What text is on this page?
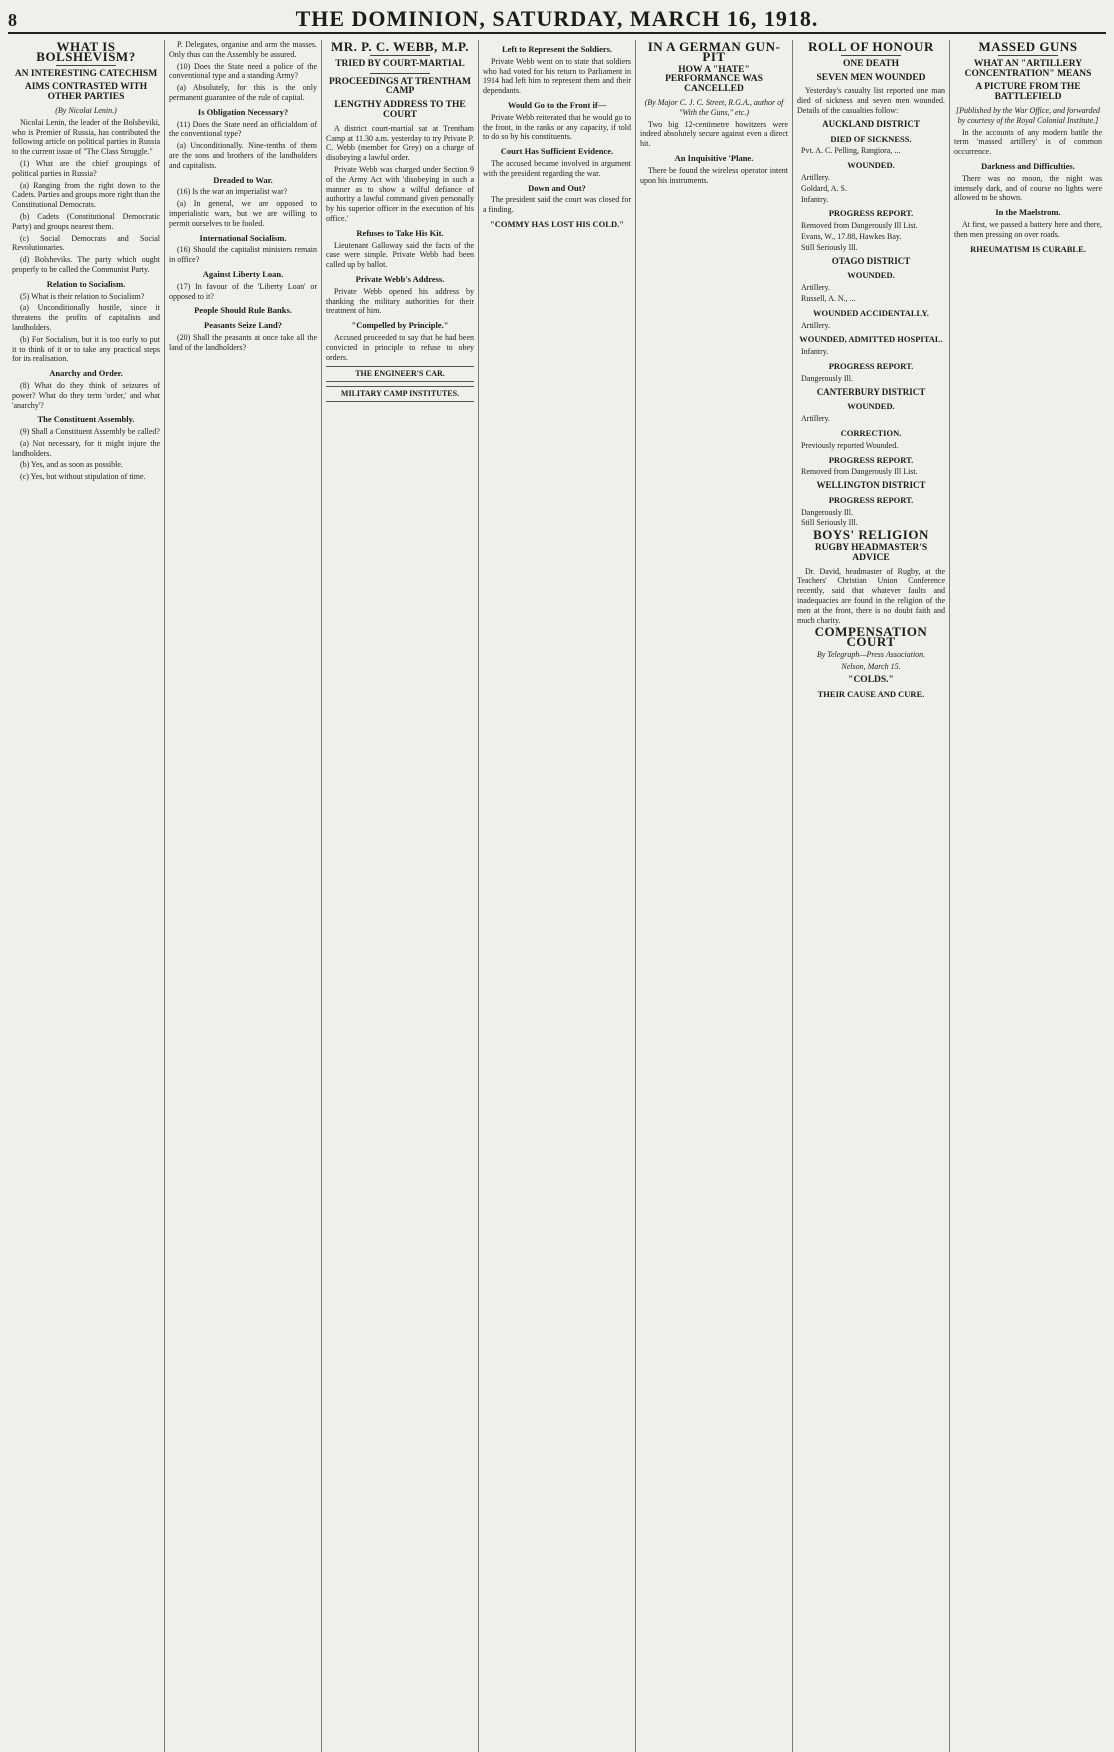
8	THE DOMINION, SATURDAY, MARCH 16, 1918.
WHAT IS BOLSHEVISM?
AN INTERESTING CATECHISM
AIMS CONTRASTED WITH OTHER PARTIES
(By Nicolai Lenin.)

Nicolai Lenin, the leader of the Bolsheviki, who is Premier of Russia, has contributed the following article on political parties in Russia to the current issue of "The Class Struggle."

(1) What are the chief groupings of political parties in Russia?

(a) Ranging from the right down to the Cadets. Parties and groups more right than the Constitutional Democrats.

(b) Cadets (Constitutional Democratic Party) and groups nearest them.

(c) Social Democrats and Social Revolutionaries.

(d) Bolsheviks. The party which ought properly to be called the Communist Party.

Relation to Socialism.

(5) What is their relation to Socialism?

(a) Unconditionally hostile, since it threatens the profits of capitalists and landholders.

(b) For Socialism, but it is too early to put it to think of it or to take any practical steps for its realisation.

Anarchy and Order.

(8) What do they think of seizures of power? What do they term 'order,' and what 'anarchy'?

The Constituent Assembly.

(9) Shall a Constituent Assembly be called?

(a) Not necessary, for it might injure the landholders.

(b) Yes, and as soon as possible.

(c) Yes, but without stipulation of time.

P. Delegates, organise and arm the masses. Only thus can the Assembly be assured.

(10) Does the State need a police of the conventional type and a standing Army?

(a) Absolutely, for this is the only permanent guarantee of the rule of capital.

Is Obligation Necessary?

(11) Does the State need an officialdom of the conventional type?

(a) Unconditionally. Nine-tenths of them are the sons and brothers of the landholders and capitalists.

Dreaded to War.

(16) Is the war an imperialist war?

(a) In general, we are opposed to imperialistic wars, but we are willing to permit ourselves to be fooled.

International Socialism.

(16) Should the capitalist ministers remain in office?

Against Liberty Loan.

(17) In favour of the 'Liberty Loan' or opposed to it?

People Should Rule Banks.
Peasants Seize Land?

(20) Shall the peasants at once take all the land of the landholders?

MR. P. C. WEBB, M.P.
TRIED BY COURT-MARTIAL
PROCEEDINGS AT TRENTHAM CAMP
LENGTHY ADDRESS TO THE COURT

A district court-martial sat at Trentham Camp at 11.30 a.m. yesterday to try Private P. C. Webb (member for Grey) on a charge of disobeying a lawful order.

Private Webb was charged under Section 9 of the Army Act with 'disobeying in such a manner as to show a wilful defiance of authority a lawful command given personally by his superior officer in the execution of his office.'

Refuses to Take His Kit.

Lieutenant Galloway said the facts of the case were simple. Private Webb had been called up by ballot.

Private Webb's Address.

Private Webb opened his address by thanking the military authorities for their treatment of him.

"Compelled by Principle."

Accused proceeded to say that he had been convicted in principle to refuse to obey orders.

THE ENGINEER'S CAR.
MILITARY CAMP INSTITUTES.
Left to Represent the Soldiers.

Private Webb went on to state that soldiers who had voted for his return to Parliament in 1914 had left him to represent them and their dependants.

Would Go to the Front if—

Private Webb reiterated that he would go to the front, in the ranks or any capacity, if told to do so by his constituents.

Court Has Sufficient Evidence.

The accused became involved in argument with the president regarding the war.

Down and Out?

The president said the court was closed for a finding.

"COMMY HAS LOST HIS COLD."
IN A GERMAN GUN-PIT
HOW A "HATE" PERFORMANCE WAS CANCELLED
(By Major C. J. C. Street, R.G.A., author of "With the Guns," etc.)

Two big 12-centimetre howitzers were indeed absolutely secure against even a direct hit.

An Inquisitive 'Plane.

There be found the wireless operator intent upon his instruments.

ROLL OF HONOUR
ONE DEATH
SEVEN MEN WOUNDED

Yesterday's casualty list reported one man died of sickness and seven men wounded. Details of the casualties follow:

AUCKLAND DISTRICT
DIED OF SICKNESS.

Pvt. A. C. Pelling, Rangiora, ...

WOUNDED.

Artillery.

Goldard, A. S.

Infantry.

PROGRESS REPORT.

Removed from Dangerously Ill List.

Evans, W., 17.88, Hawkes Bay.

Still Seriously Ill.

OTAGO DISTRICT
WOUNDED.

Artillery.

Russell, A. N., ...

WOUNDED ACCIDENTALLY.

Artillery.

WOUNDED, ADMITTED HOSPITAL.

Infantry.

PROGRESS REPORT.

Dangerously Ill.

CANTERBURY DISTRICT
WOUNDED.

Artillery.

CORRECTION.

Previously reported Wounded.

PROGRESS REPORT.

Removed from Dangerously Ill List.

WELLINGTON DISTRICT
PROGRESS REPORT.

Dangerously Ill.

Still Seriously Ill.

BOYS' RELIGION
RUGBY HEADMASTER'S ADVICE

Dr. David, headmaster of Rugby, at the Teachers' Christian Union Conference recently, said that whatever faults and inadequacies are found in the religion of the men at the front, there is no doubt faith and much charity.

COMPENSATION COURT
By Telegraph—Press Association.
Nelson, March 15.
"COLDS."
THEIR CAUSE AND CURE.
MASSED GUNS
WHAT AN "ARTILLERY CONCENTRATION" MEANS
A PICTURE FROM THE BATTLEFIELD
[Published by the War Office, and forwarded by courtesy of the Royal Colonial Institute.]

In the accounts of any modern battle the term 'massed artillery' is of common occurrence.

Darkness and Difficulties.

There was no moon, the night was intensely dark, and of course no lights were allowed to be shown.

In the Maelstrom.

At first, we passed a battery here and there, then men pressing on over roads.

RHEUMATISM IS CURABLE.
